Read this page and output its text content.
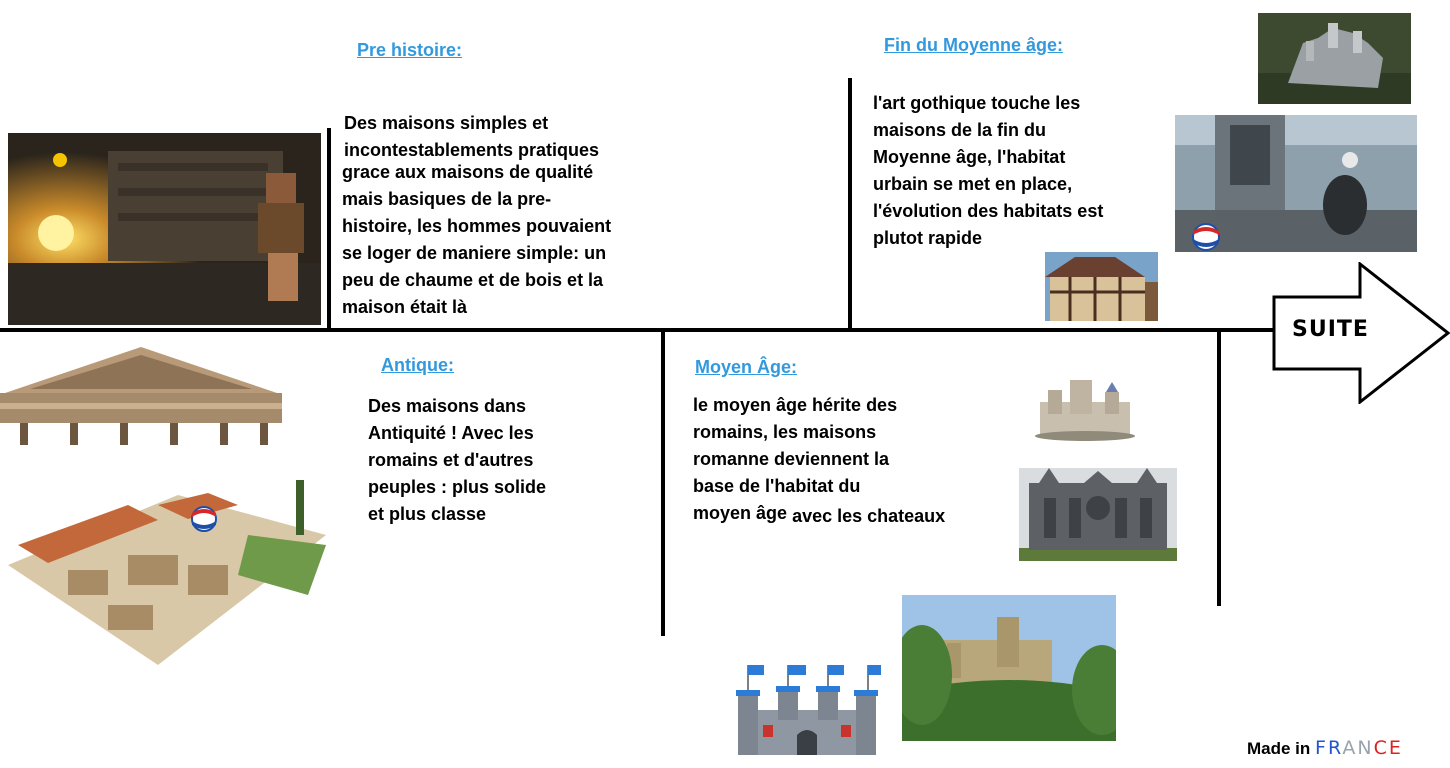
Pre histoire:
Des maisons simples et
incontestablements pratiques
grace aux maisons de qualité
mais basiques de la pre-
histoire, les hommes pouvaient
se loger de maniere simple: un
peu de chaume et de bois et la
maison était là
Fin du Moyenne âge:
l'art gothique touche les
maisons de la fin du
Moyenne âge, l'habitat
urbain se met en place,
l'évolution des habitats est
plutot rapide
Antique:
Des maisons dans
Antiquité ! Avec les
romains et d'autres
peuples : plus solide
et plus classe
Moyen Âge:
le moyen âge hérite des
romains, les maisons
romanne deviennent la
base de l'habitat du
moyen âge avec les chateaux
SUITE
Made in FRANCE
